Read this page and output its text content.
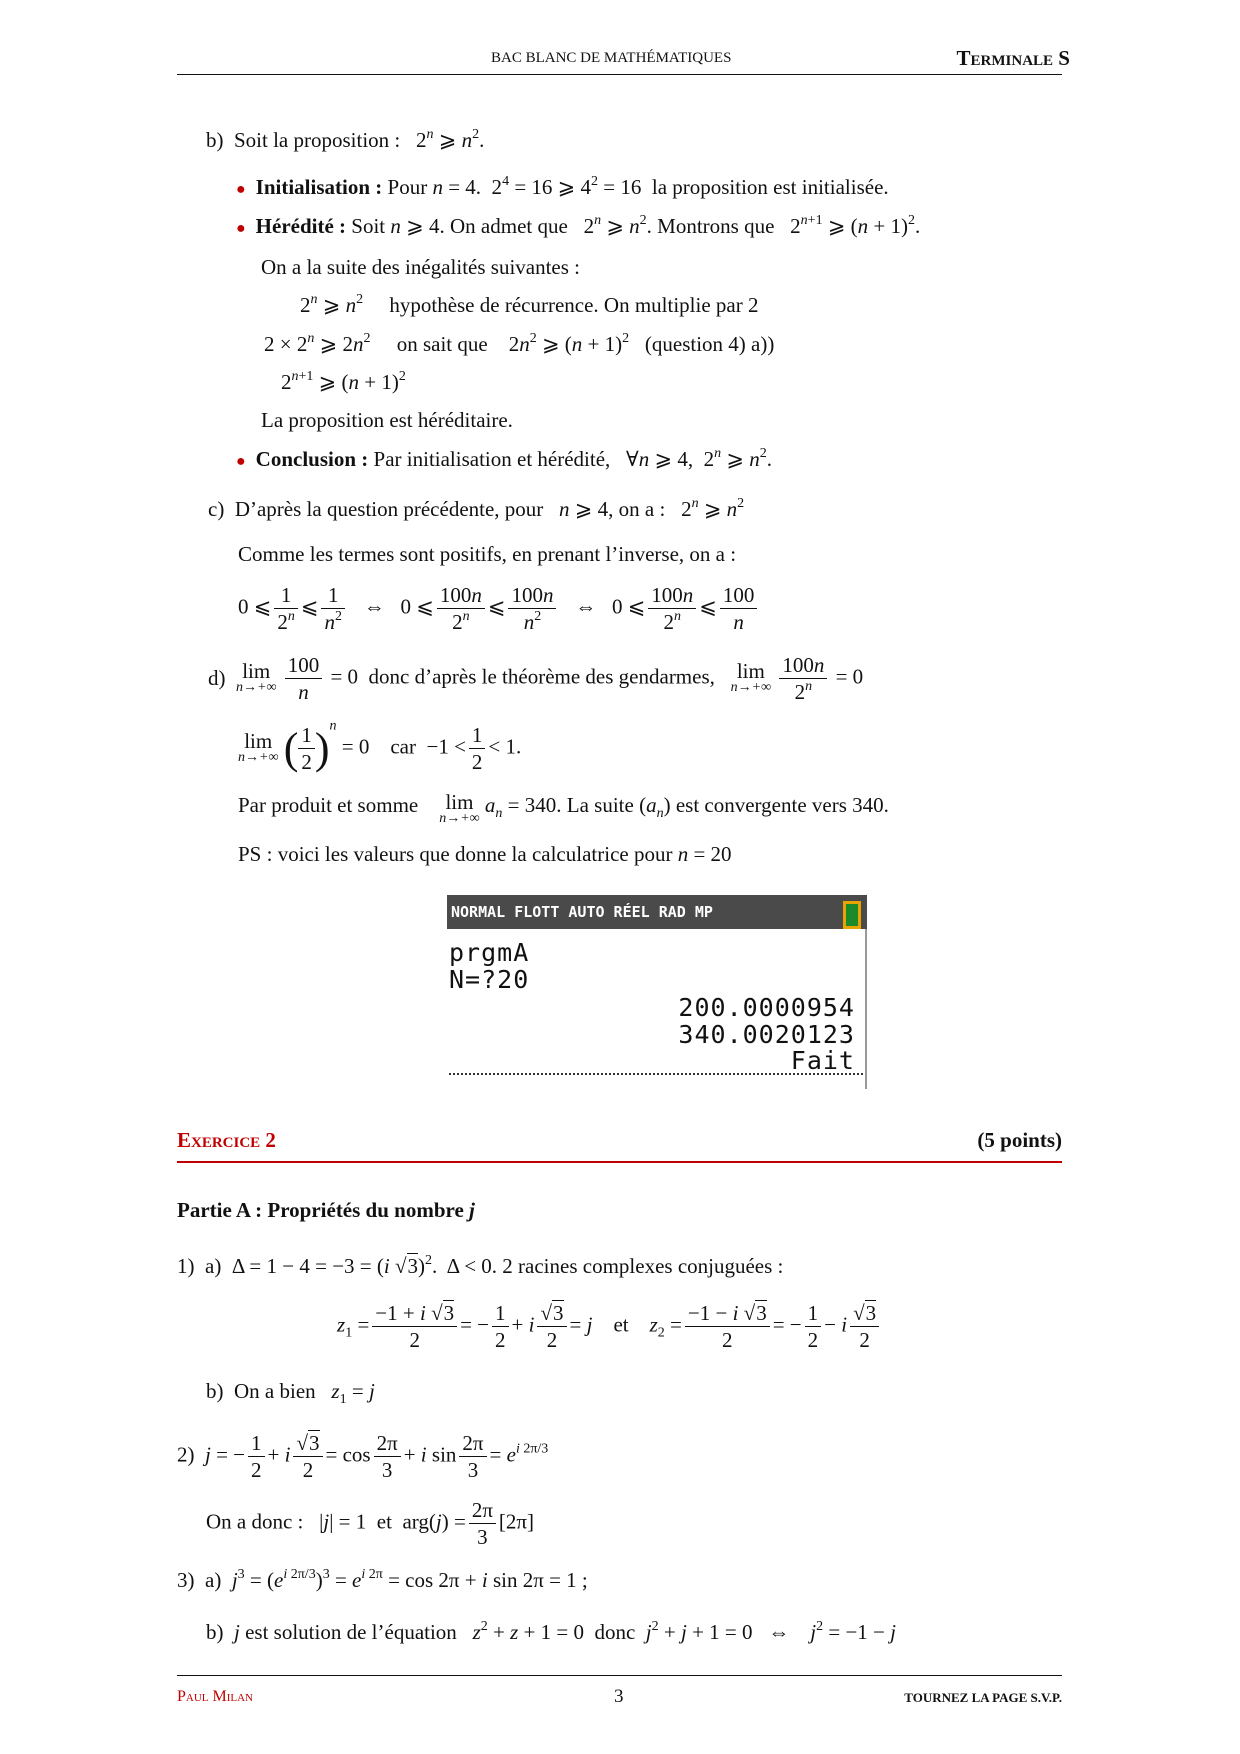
BAC BLANC DE MATHÉMATIQUES	Terminale S
b) Soit la proposition :   2$^n$ ⩾ $n^2$.
● Initialisation : Pour n = 4.  $2^4 = 16$ ⩾ $4^2 = 16$  la proposition est initialisée.
● Hérédité : Soit n ⩾ 4. On admet que   2$^n$ ⩾ $n^2$. Montrons que   $2^{n+1}$ ⩾ $(n + 1)^2$.
On a la suite des inégalités suivantes :
2$^n$ ⩾ $n^2$ hypothèse de récurrence. On multiplie par 2
$2 \times 2^n$ ⩾ $2n^2$ on sait que    $2n^2$ ⩾ $(n + 1)^2$ (question 4) a))
$2^{n+1}$ ⩾ $(n + 1)^2$
La proposition est héréditaire.
● Conclusion : Par initialisation et hérédité,   ∀n ⩾ 4,  2$^n$ ⩾ $n^2$.
c) D’après la question précédente, pour n ⩾ 4, on a :   2$^n$ ⩾ $n^2$
Comme les termes sont positifs, en prenant l’inverse, on a :
0 ⩽ $\frac{1}{2^n}$ ⩽ $\frac{1}{n^2}$ ⇔   0 ⩽ $\frac{100n}{2^n}$ ⩽ $\frac{100n}{n^2}$ ⇔   0 ⩽ $\frac{100n}{2^n}$ ⩽ $\frac{100}{n}$
d) lim
n→+∞
$\frac{100}{n} = 0$  donc d’après le théorème des gendarmes, lim
n→+∞
$\frac{100n}{2^n} = 0$
lim
n→+∞ ( $\frac{1}{2} )^n = 0$    car  $-1 < \frac{1}{2} < 1$.
Par produit et somme lim
n→+∞
$a_n = 340$. La suite $(a_n)$ est convergente vers 340.
PS : voici les valeurs que donne la calculatrice pour n = 20
NORMAL FLOTT AUTO RÉEL RAD MP
prgmA
N=?20
200.0000954
340.0020123
Fait
Exercice 2	(5 points)
Partie A : Propriétés du nombre j
1) a)  Δ = 1 − 4 = −3 = (i √3)$^2$.  Δ < 0. 2 racines complexes conjuguées :
$z_1 = \frac{-1 + i √3}{2}$ = − $\frac{1}{2} + i \frac{√3}{2} = j$ et $z_2 = \frac{-1 - i √3}{2}$ = − $\frac{1}{2} - i \frac{√3}{2}$
b) On a bien $z_1 = j$
2) j = − $\frac{1}{2} + i \frac{√3}{2} = \cos \frac{2\pi}{3} + i$ $\sin \frac{2\pi}{3} = e^{i 2\pi/3}$
On a donc :   |j| = 1  et  $arg(j) = \frac{2\pi}{3} [2\pi]$
3) a) $j^3 = (e^{i 2\pi/3})^3 = e^{i 2\pi} = \cos 2\pi + i$ sin 2π = 1 ;
b) j est solution de l’équation $z^2 + z + 1 = 0$  donc $j^2 + j + 1 = 0$   ⇔    $j^2 = -1 - j$
Paul Milan	3	TOURNEZ LA PAGE S.V.P.
